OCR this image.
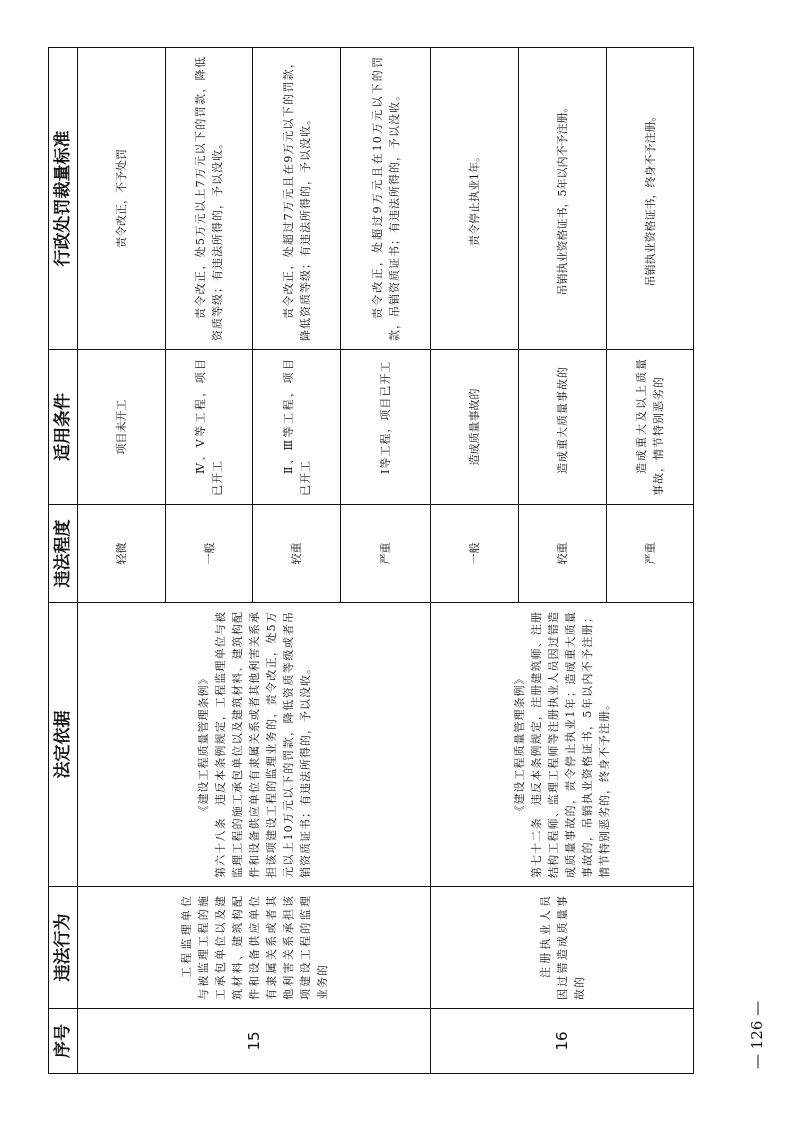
序号	违法行为	法定依据	违法程度	适用条件	行政处罚裁量标准
15	工程监理单位与被监理工程的施工承包单位以及建筑材料、建筑构配件和设备供应单位有隶属关系或者其他利害关系承担该项建设工程的监理业务的	《建设工程质量管理条例》 第六十八条　违反本条例规定，工程监理单位与被监理工程的施工承包单位以及建筑材料、建筑构配件和设备供应单位有隶属关系或者其他利害关系承担该项建设工程的监理业务的，责令改正，处5万元以上10万元以下的罚款，降低资质等级或者吊销资质证书；有违法所得的，予以没收。	轻微	项目未开工	责令改正，不予处罚
			一般	Ⅳ、Ⅴ等工程，项目已开工	责令改正，处5万元以上7万元以下的罚款，降低资质等级；有违法所得的，予以没收。
			较重	Ⅱ、Ⅲ等工程，项目已开工	责令改正，处超过7万元且在9万元以下的罚款，降低资质等级；有违法所得的，予以没收。
			严重	Ⅰ等工程，项目已开工	责令改正，处超过9万元且在10万元以下的罚款，吊销资质证书；有违法所得的，予以没收。
16	注册执业人员因过错造成质量事故的	《建设工程质量管理条例》 第七十二条　违反本条例规定，注册建筑师、注册结构工程师、监理工程师等注册执业人员因过错造成质量事故的，责令停止执业1年；造成重大质量事故的，吊销执业资格证书，5年以内不予注册；情节特别恶劣的，终身不予注册。	一般	造成质量事故的	责令停止执业1年。
			较重	造成重大质量事故的	吊销执业资格证书，5年以内不予注册。
			严重	造成重大及以上质量事故，情节特别恶劣的	吊销执业资格证书，终身不予注册。
— 126 —
